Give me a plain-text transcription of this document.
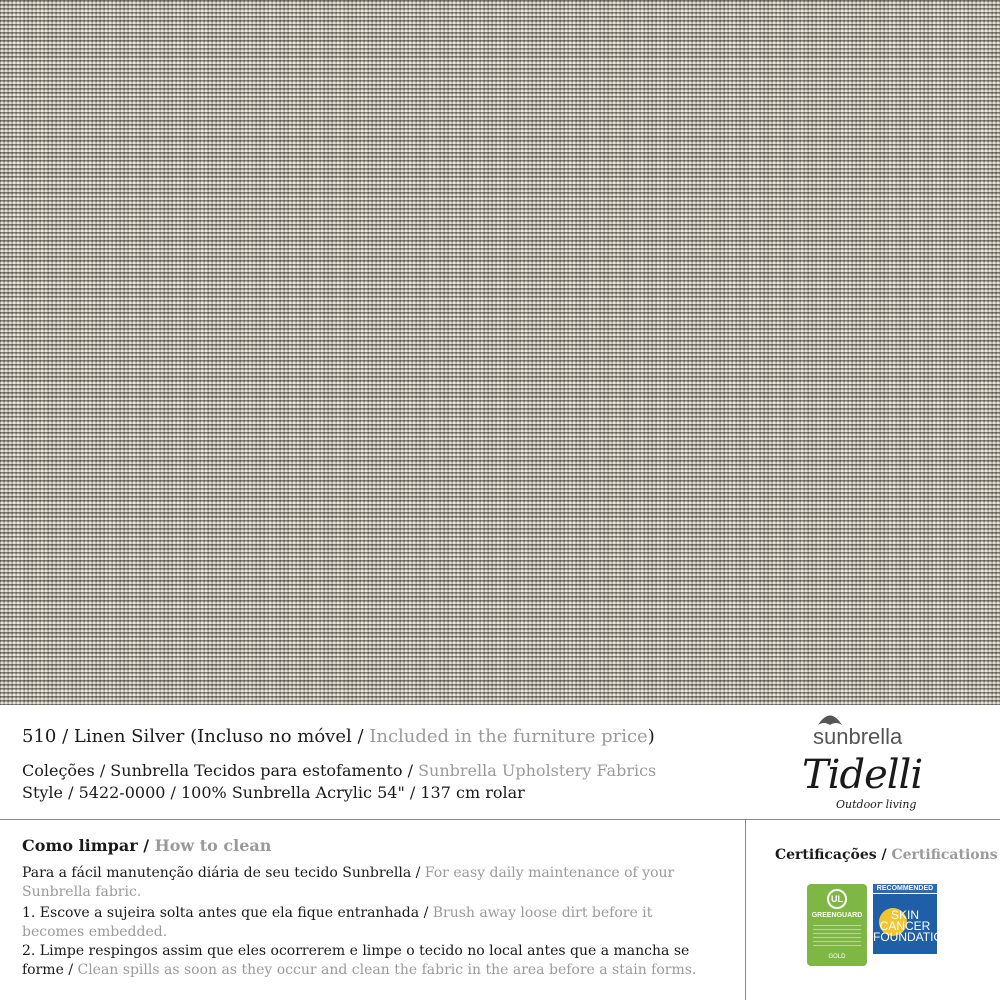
510 / Linen Silver (Incluso no móvel / Included in the furniture price)
Coleções / Sunbrella Tecidos para estofamento / Sunbrella Upholstery Fabrics
Style / 5422-0000 / 100% Sunbrella Acrylic 54" / 137 cm rolar
sunbrella
Tidelli
Outdoor living
Como limpar / How to clean
Para a fácil manutenção diária de seu tecido Sunbrella / For easy daily maintenance of your Sunbrella fabric.
1. Escove a sujeira solta antes que ela fique entranhada / Brush away loose dirt before it becomes embedded.
2. Limpe respingos assim que eles ocorrerem e limpe o tecido no local antes que a mancha se forme / Clean spills as soon as they occur and clean the fabric in the area before a stain forms.
Certificações / Certifications
UL
GREENGUARD
GOLD
RECOMMENDED
SKIN CANCER FOUNDATION
